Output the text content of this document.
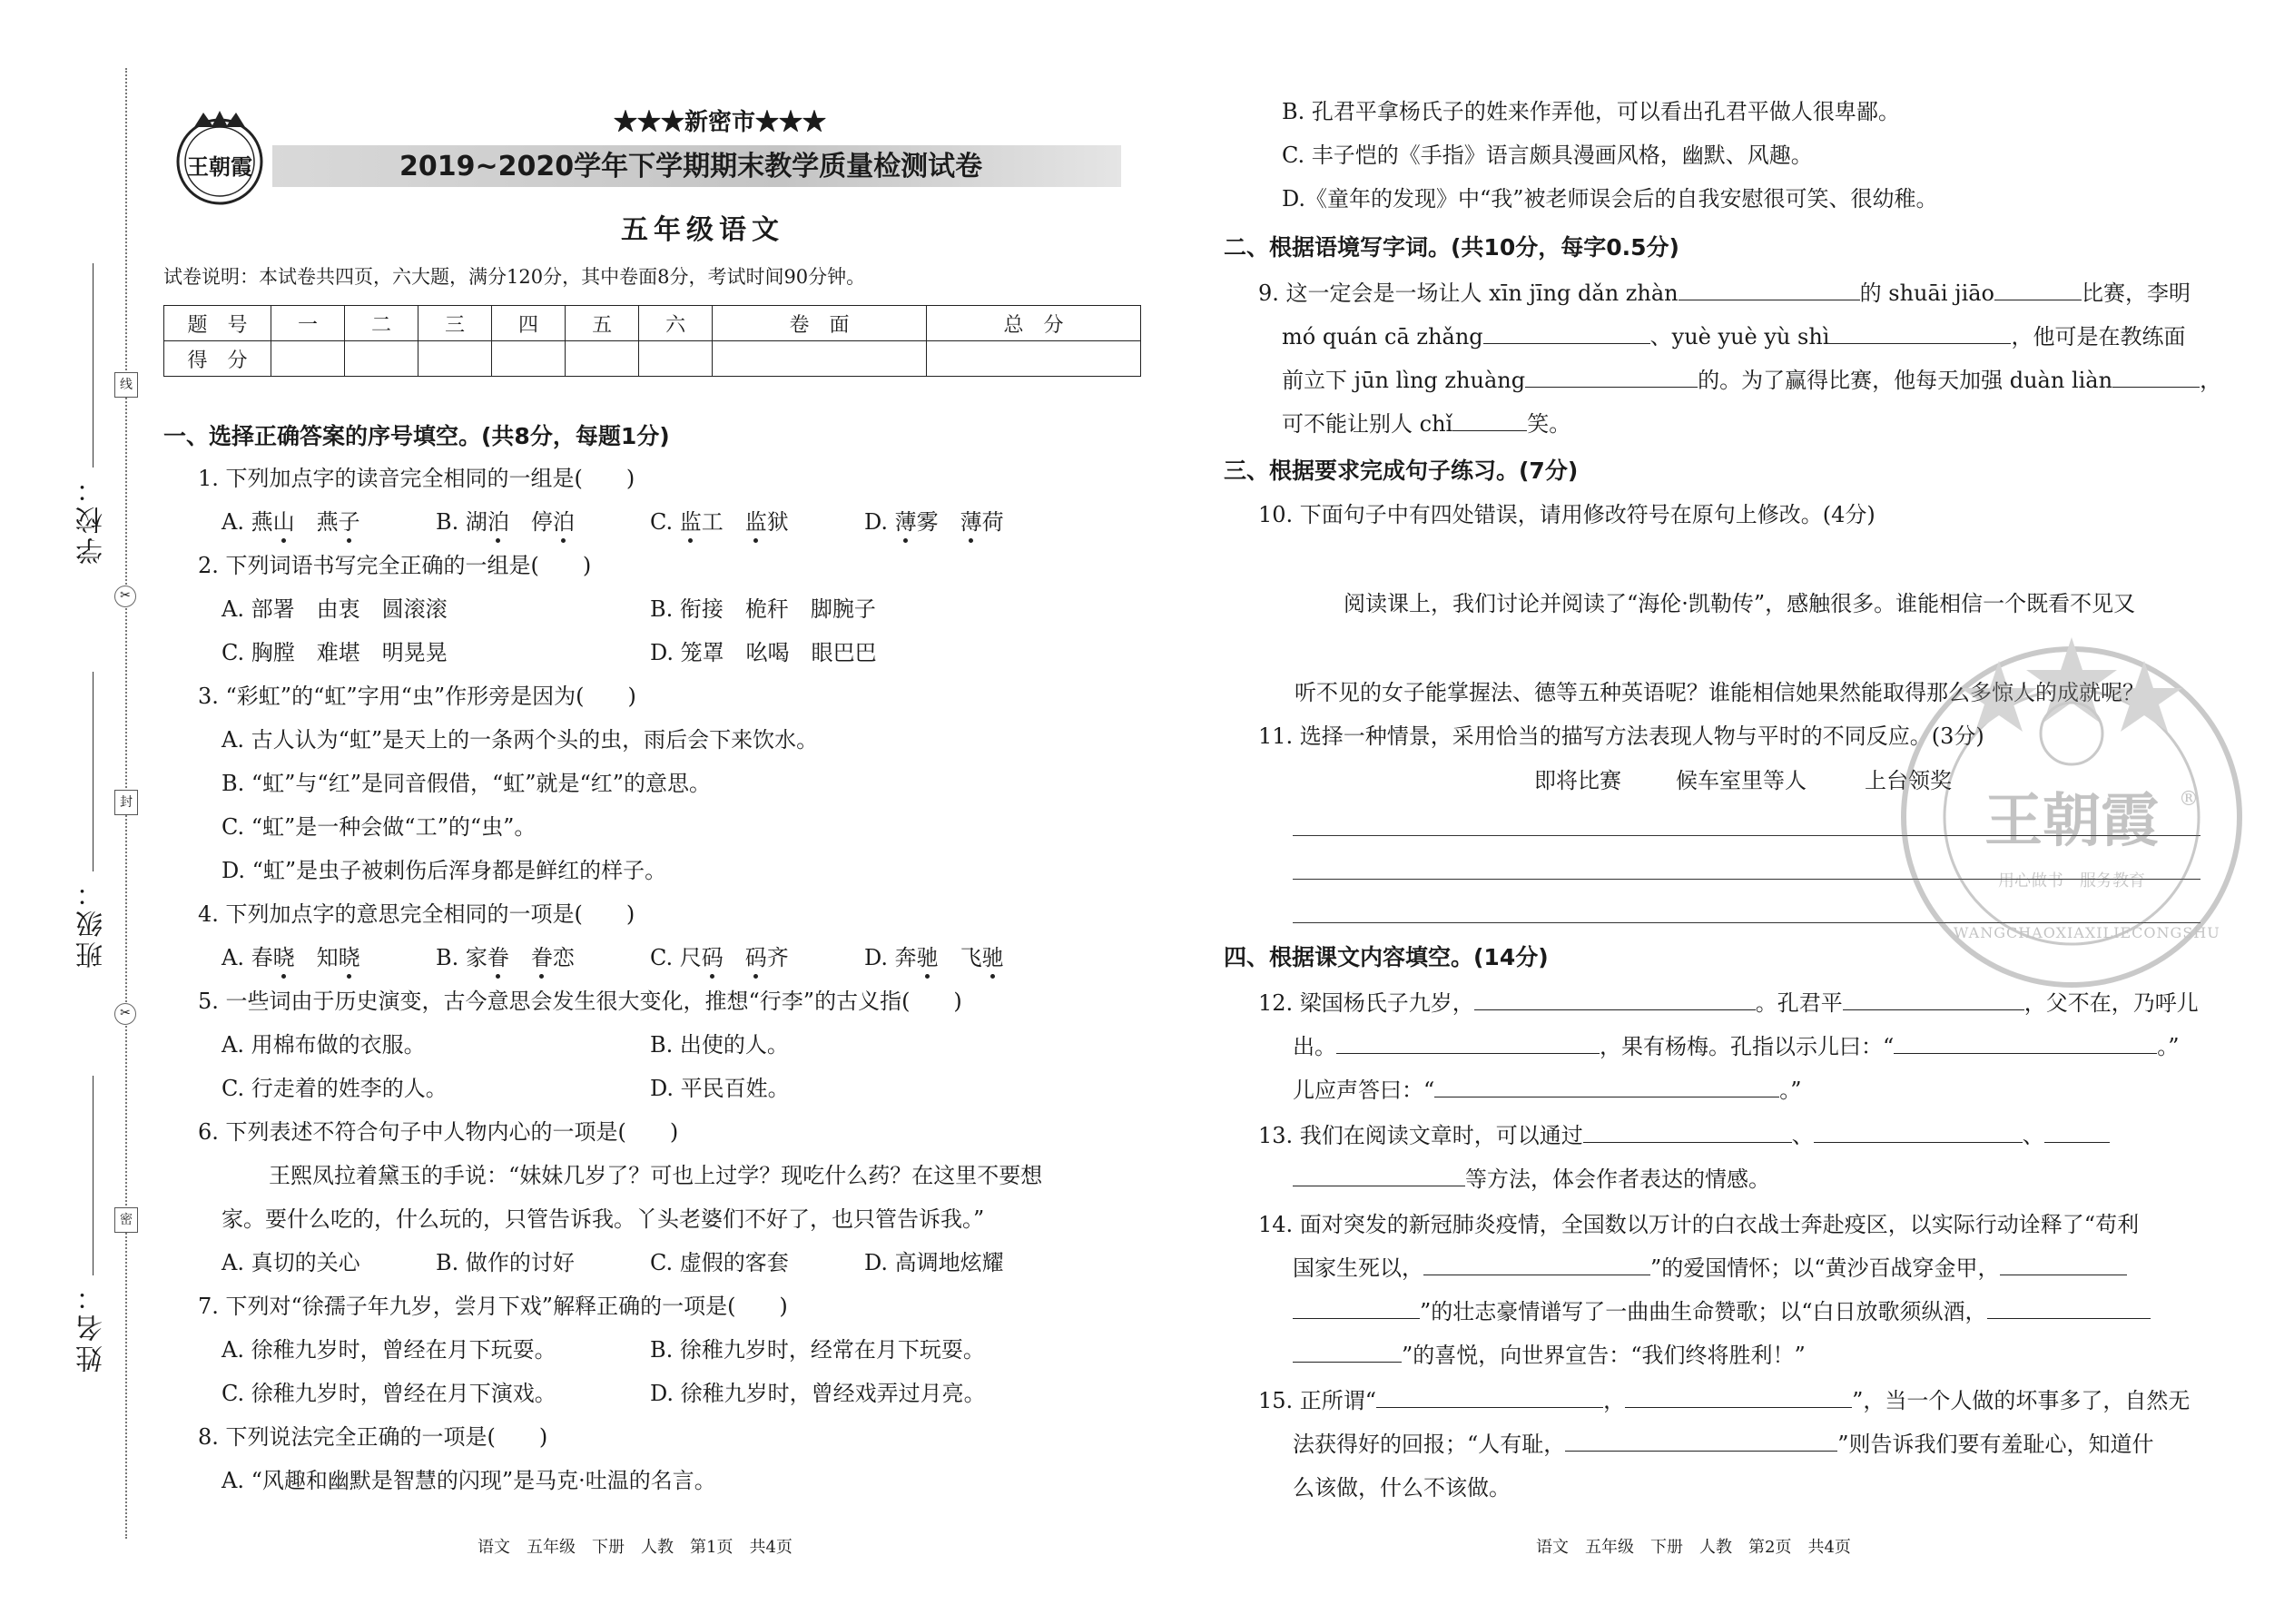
学校：
班级：
姓名：
线
封
密
✂
✂
王朝霞
★★★新密市★★★
2019~2020学年下学期期末教学质量检测试卷
五年级语文
试卷说明：本试卷共四页，六大题，满分120分，其中卷面8分，考试时间90分钟。
题　号	一	二	三	四	五	六	卷　面	总　分
得　分								
一、选择正确答案的序号填空。(共8分，每题1分)
1. 下列加点字的读音完全相同的一组是(　　)
A. 燕山　燕子	B. 湖泊　停泊	C. 监工　监狱	D. 薄雾　薄荷
2. 下列词语书写完全正确的一组是(　　)
A. 部署　由衷　圆滚滚	B. 衔接　桅秆　脚腕子
C. 胸膛　难堪　明晃晃	D. 笼罩　吆喝　眼巴巴
3. “彩虹”的“虹”字用“虫”作形旁是因为(　　)
A. 古人认为“虹”是天上的一条两个头的虫，雨后会下来饮水。
B. “虹”与“红”是同音假借，“虹”就是“红”的意思。
C. “虹”是一种会做“工”的“虫”。
D. “虹”是虫子被刺伤后浑身都是鲜红的样子。
4. 下列加点字的意思完全相同的一项是(　　)
A. 春晓　知晓	B. 家眷　 眷恋	C. 尺码　 码齐	D. 奔驰　飞驰
5. 一些词由于历史演变，古今意思会发生很大变化，推想“行李”的古义指(　　)
A. 用棉布做的衣服。	B. 出使的人。
C. 行走着的姓李的人。	D. 平民百姓。
6. 下列表述不符合句子中人物内心的一项是(　　)
王熙凤拉着黛玉的手说：“妹妹几岁了？可也上过学？现吃什么药？在这里不要想
家。要什么吃的，什么玩的，只管告诉我。丫头老婆们不好了，也只管告诉我。”
A. 真切的关心	B. 做作的讨好	C. 虚假的客套	D. 高调地炫耀
7. 下列对“徐孺子年九岁，尝月下戏”解释正确的一项是(　　)
A. 徐稚九岁时，曾经在月下玩耍。	B. 徐稚九岁时，经常在月下玩耍。
C. 徐稚九岁时，曾经在月下演戏。	D. 徐稚九岁时，曾经戏弄过月亮。
8. 下列说法完全正确的一项是(　　)
A. “风趣和幽默是智慧的闪现”是马克·吐温的名言。
语文　五年级　下册　人教　第1页　共4页
B. 孔君平拿杨氏子的姓来作弄他，可以看出孔君平做人很卑鄙。
C. 丰子恺的《手指》语言颇具漫画风格，幽默、风趣。
D.《童年的发现》中“我”被老师误会后的自我安慰很可笑、很幼稚。
二、根据语境写字词。(共10分，每字0.5分)
9. 这一定会是一场让人 xīn jīng dǎn zhàn	的 shuāi jiāo	比赛，李明
mó quán cā zhǎng	、yuè yuè yù shì	，他可是在教练面
前立下 jūn lìng zhuàng	的。为了赢得比赛，他每天加强 duàn liàn	，
可不能让别人 chǐ	笑。
三、根据要求完成句子练习。(7分)
10. 下面句子中有四处错误，请用修改符号在原句上修改。(4分)
阅读课上，我们讨论并阅读了“海伦·凯勒传”，感触很多。谁能相信一个既看不见又
听不见的女子能掌握法、德等五种英语呢？谁能相信她果然能取得那么多惊人的成就呢？
11. 选择一种情景，采用恰当的描写方法表现人物与平时的不同反应。(3分)
即将比赛	候车室里等人	上台领奖
四、根据课文内容填空。(14分)
12. 梁国杨氏子九岁，	。孔君平	，父不在，乃呼儿
出。	，果有杨梅。孔指以示儿曰：“	。”
儿应声答曰：“	。”
13. 我们在阅读文章时，可以通过	、	、
等方法，体会作者表达的情感。
14. 面对突发的新冠肺炎疫情，全国数以万计的白衣战士奔赴疫区，以实际行动诠释了“苟利
国家生死以，	”的爱国情怀；以“黄沙百战穿金甲，
”的壮志豪情谱写了一曲曲生命赞歌；以“白日放歌须纵酒，
”的喜悦，向世界宣告：“我们终将胜利！”
15. 正所谓“	，	”，当一个人做的坏事多了，自然无
法获得好的回报；“人有耻，	”则告诉我们要有羞耻心，知道什
么该做，什么不该做。
语文　五年级　下册　人教　第2页　共4页
王朝霞	®
用心做书　服务教育
WANGCHAOXIAXILIECONGSHU
